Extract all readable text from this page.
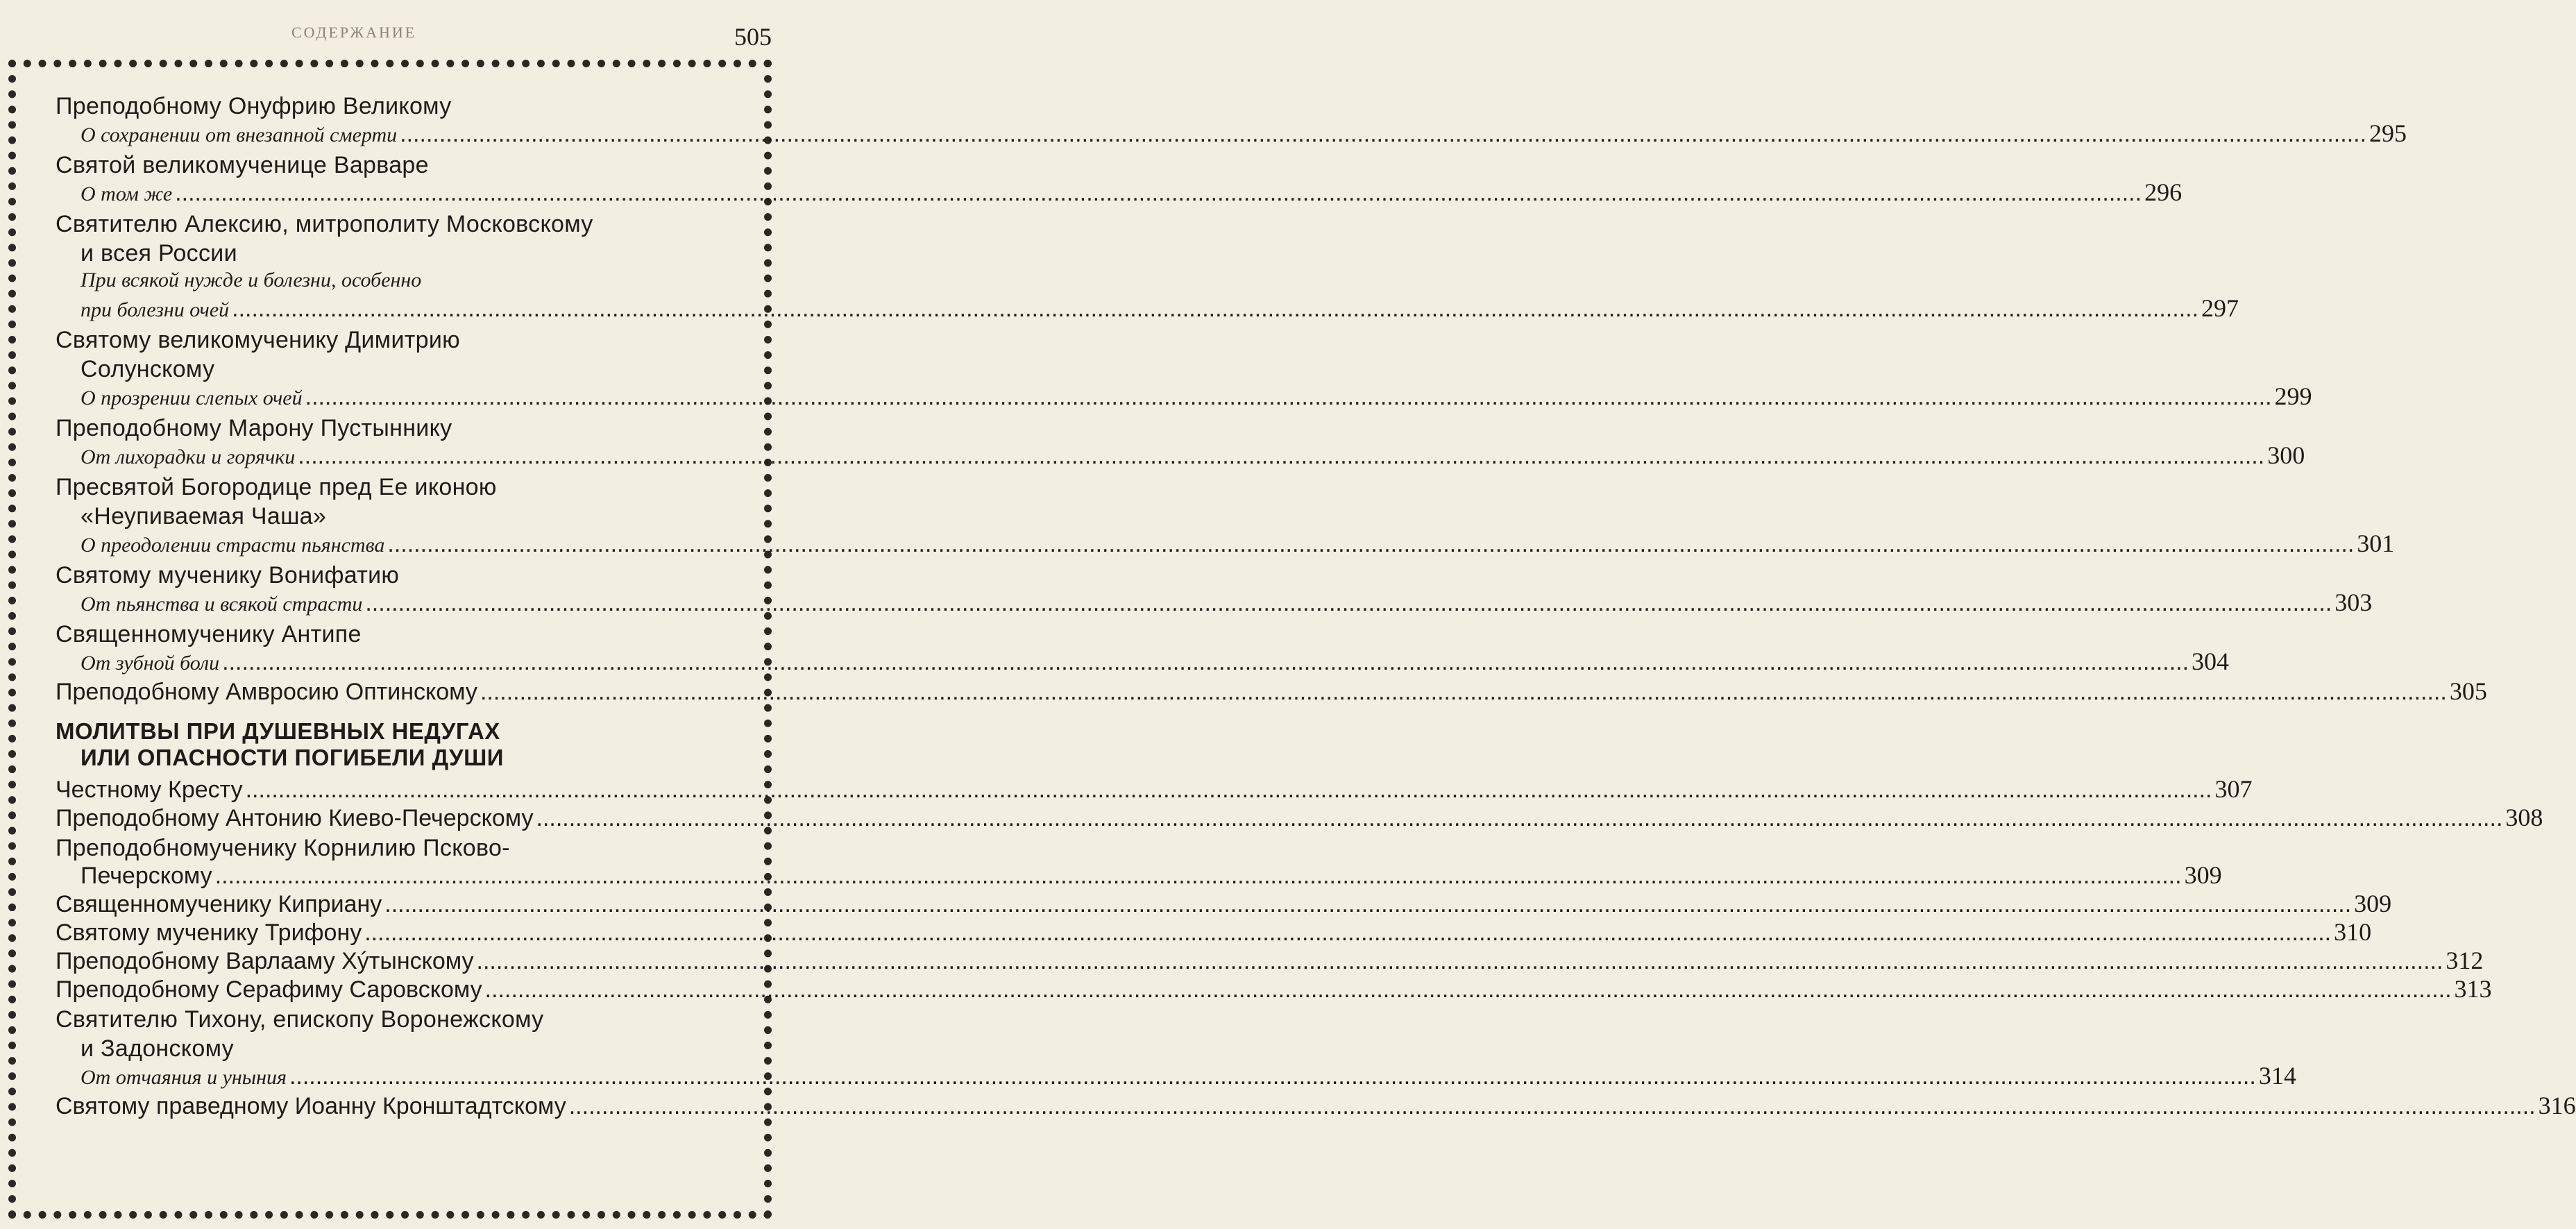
СОДЕРЖАНИЕ	505
Преподобному Онуфрию Великому
О сохранении от внезапной смерти ............................................................................................................................................................................................................................................................................................................ 295
Святой великомученице Варваре
О том же ............................................................................................................................................................................................................................................................................................................ 296
Святителю Алексию, митрополиту Московскому
и всея России
При всякой нужде и болезни, особенно
при болезни очей ............................................................................................................................................................................................................................................................................................................ 297
Святому великомученику Димитрию
Солунскому
О прозрении слепых очей ............................................................................................................................................................................................................................................................................................................ 299
Преподобному Марону Пустыннику
От лихорадки и горячки ............................................................................................................................................................................................................................................................................................................ 300
Пресвятой Богородице пред Ее иконою
«Неупиваемая Чаша»
О преодолении страсти пьянства ............................................................................................................................................................................................................................................................................................................ 301
Святому мученику Вонифатию
От пьянства и всякой страсти ............................................................................................................................................................................................................................................................................................................ 303
Священномученику Антипе
От зубной боли ............................................................................................................................................................................................................................................................................................................ 304
Преподобному Амвросию Оптинскому ............................................................................................................................................................................................................................................................................................................ 305
МОЛИТВЫ ПРИ ДУШЕВНЫХ НЕДУГАХ
ИЛИ ОПАСНОСТИ ПОГИБЕЛИ ДУШИ
Честному Кресту ............................................................................................................................................................................................................................................................................................................ 307
Преподобному Антонию Киево-Печерскому ............................................................................................................................................................................................................................................................................................................ 308
Преподобномученику Корнилию Псково-
Печерскому ............................................................................................................................................................................................................................................................................................................ 309
Священномученику Киприану ............................................................................................................................................................................................................................................................................................................ 309
Святому мученику Трифону ............................................................................................................................................................................................................................................................................................................ 310
Преподобному Варлааму Хýтынскому ............................................................................................................................................................................................................................................................................................................ 312
Преподобному Серафиму Саровскому ............................................................................................................................................................................................................................................................................................................ 313
Святителю Тихону, епископу Воронежскому
и Задонскому
От отчаяния и уныния ............................................................................................................................................................................................................................................................................................................ 314
Святому праведному Иоанну Кронштадтскому ............................................................................................................................................................................................................................................................................................................ 316
